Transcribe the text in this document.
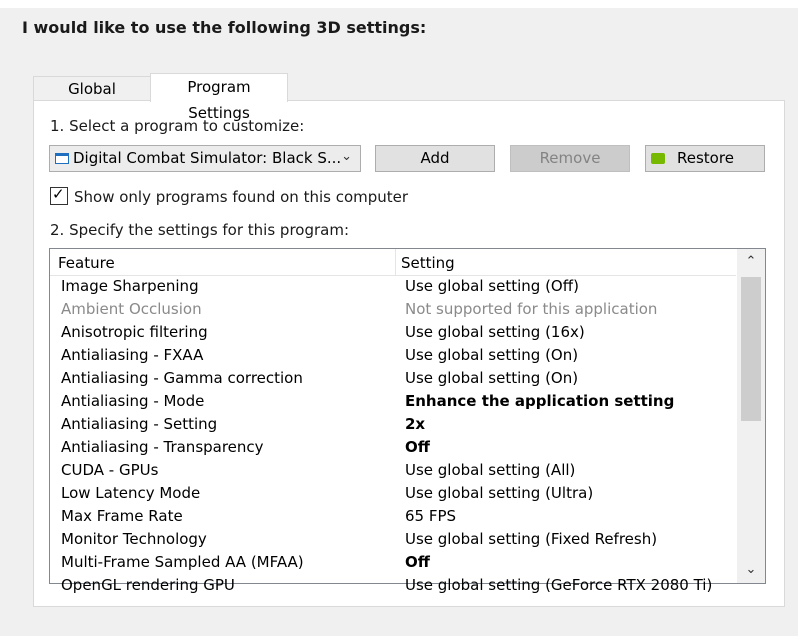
I would like to use the following 3D settings:
Global	Program Settings
1. Select a program to customize:
Digital Combat Simulator: Black S... ⌄	Add	Remove	Restore
✓ Show only programs found on this computer
2. Specify the settings for this program:
Feature	Setting
Image Sharpening	Use global setting (Off)
Ambient Occlusion	Not supported for this application
Anisotropic filtering	Use global setting (16x)
Antialiasing - FXAA	Use global setting (On)
Antialiasing - Gamma correction	Use global setting (On)
Antialiasing - Mode	Enhance the application setting
Antialiasing - Setting	2x
Antialiasing - Transparency	Off
CUDA - GPUs	Use global setting (All)
Low Latency Mode	Use global setting (Ultra)
Max Frame Rate	65 FPS
Monitor Technology	Use global setting (Fixed Refresh)
Multi-Frame Sampled AA (MFAA)	Off
OpenGL rendering GPU	Use global setting (GeForce RTX 2080 Ti)
⌃
⌄
